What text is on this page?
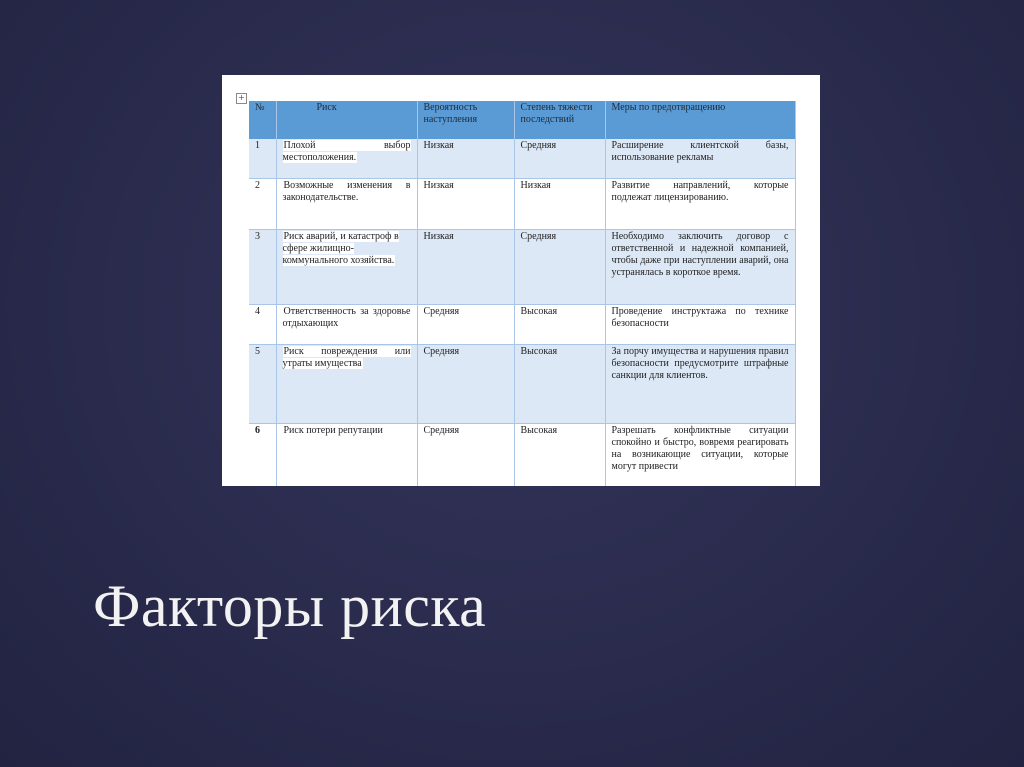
+
№	Риск	Вероятность наступления	Степень тяжести последствий	Меры по предотвращению
1	Плохой выбор местоположения.	Низкая	Средняя	Расширение клиентской базы, использование рекламы
2	Возможные изменения в законодательстве.	Низкая	Низкая	Развитие направлений, которые подлежат лицензированию.
3	Риск аварий, и катастроф в сфере жилищно-коммунального хозяйства.	Низкая	Средняя	Необходимо заключить договор с ответственной и надежной компанией, чтобы даже при наступлении аварий, она устранялась в короткое время.
4	Ответственность за здоровье отдыхающих	Средняя	Высокая	Проведение инструктажа по технике безопасности
5	Риск повреждения или утраты имущества	Средняя	Высокая	За порчу имущества и нарушения правил безопасности предусмотрите штрафные санкции для клиентов.
6	Риск потери репутации	Средняя	Высокая	Разрешать конфликтные ситуации спокойно и быстро, вовремя реагировать на возникающие ситуации, которые могут привести
Факторы риска
